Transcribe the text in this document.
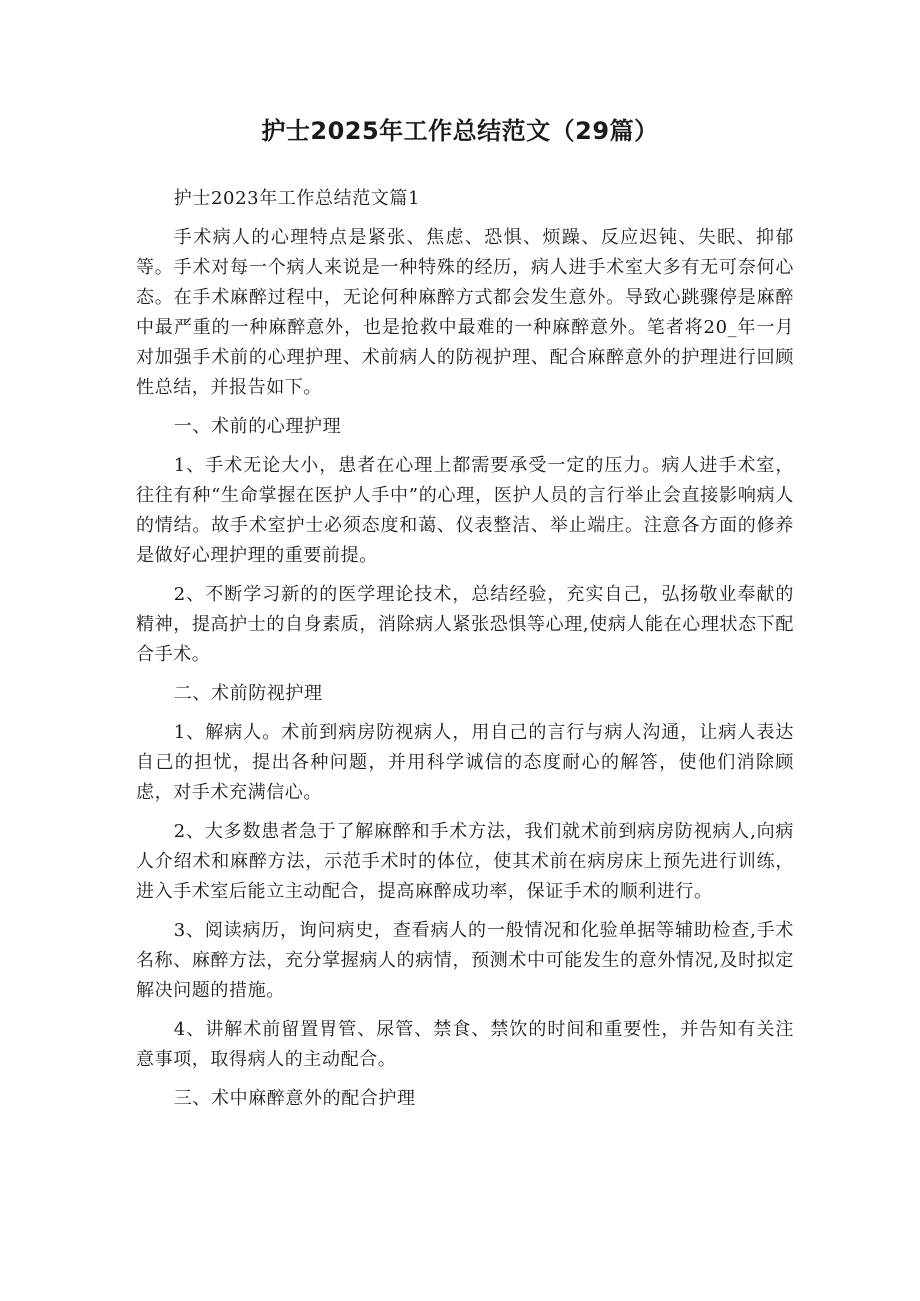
护士2025年工作总结范文（29篇）

护士2023年工作总结范文篇1

手术病人的心理特点是紧张、焦虑、恐惧、烦躁、反应迟钝、失眠、抑郁等。手术对每一个病人来说是一种特殊的经历，病人进手术室大多有无可奈何心态。在手术麻醉过程中，无论何种麻醉方式都会发生意外。导致心跳骤停是麻醉中最严重的一种麻醉意外，也是抢救中最难的一种麻醉意外。笔者将20_年一月对加强手术前的心理护理、术前病人的防视护理、配合麻醉意外的护理进行回顾性总结，并报告如下。

一、术前的心理护理

1、手术无论大小，患者在心理上都需要承受一定的压力。病人进手术室，往往有种“生命掌握在医护人手中”的心理，医护人员的言行举止会直接影响病人的情结。故手术室护士必须态度和蔼、仪表整洁、举止端庄。注意各方面的修养是做好心理护理的重要前提。

2、不断学习新的的医学理论技术，总结经验，充实自己，弘扬敬业奉献的精神，提高护士的自身素质，消除病人紧张恐惧等心理,使病人能在心理状态下配合手术。

二、术前防视护理

1、解病人。术前到病房防视病人，用自己的言行与病人沟通，让病人表达自己的担忧，提出各种问题，并用科学诚信的态度耐心的解答，使他们消除顾虑，对手术充满信心。

2、大多数患者急于了解麻醉和手术方法，我们就术前到病房防视病人,向病人介绍术和麻醉方法，示范手术时的体位，使其术前在病房床上预先进行训练，进入手术室后能立主动配合，提高麻醉成功率，保证手术的顺利进行。

3、阅读病历，询问病史，查看病人的一般情况和化验单据等辅助检查,手术名称、麻醉方法，充分掌握病人的病情，预测术中可能发生的意外情况,及时拟定解决问题的措施。

4、讲解术前留置胃管、尿管、禁食、禁饮的时间和重要性，并告知有关注意事项，取得病人的主动配合。

三、术中麻醉意外的配合护理
